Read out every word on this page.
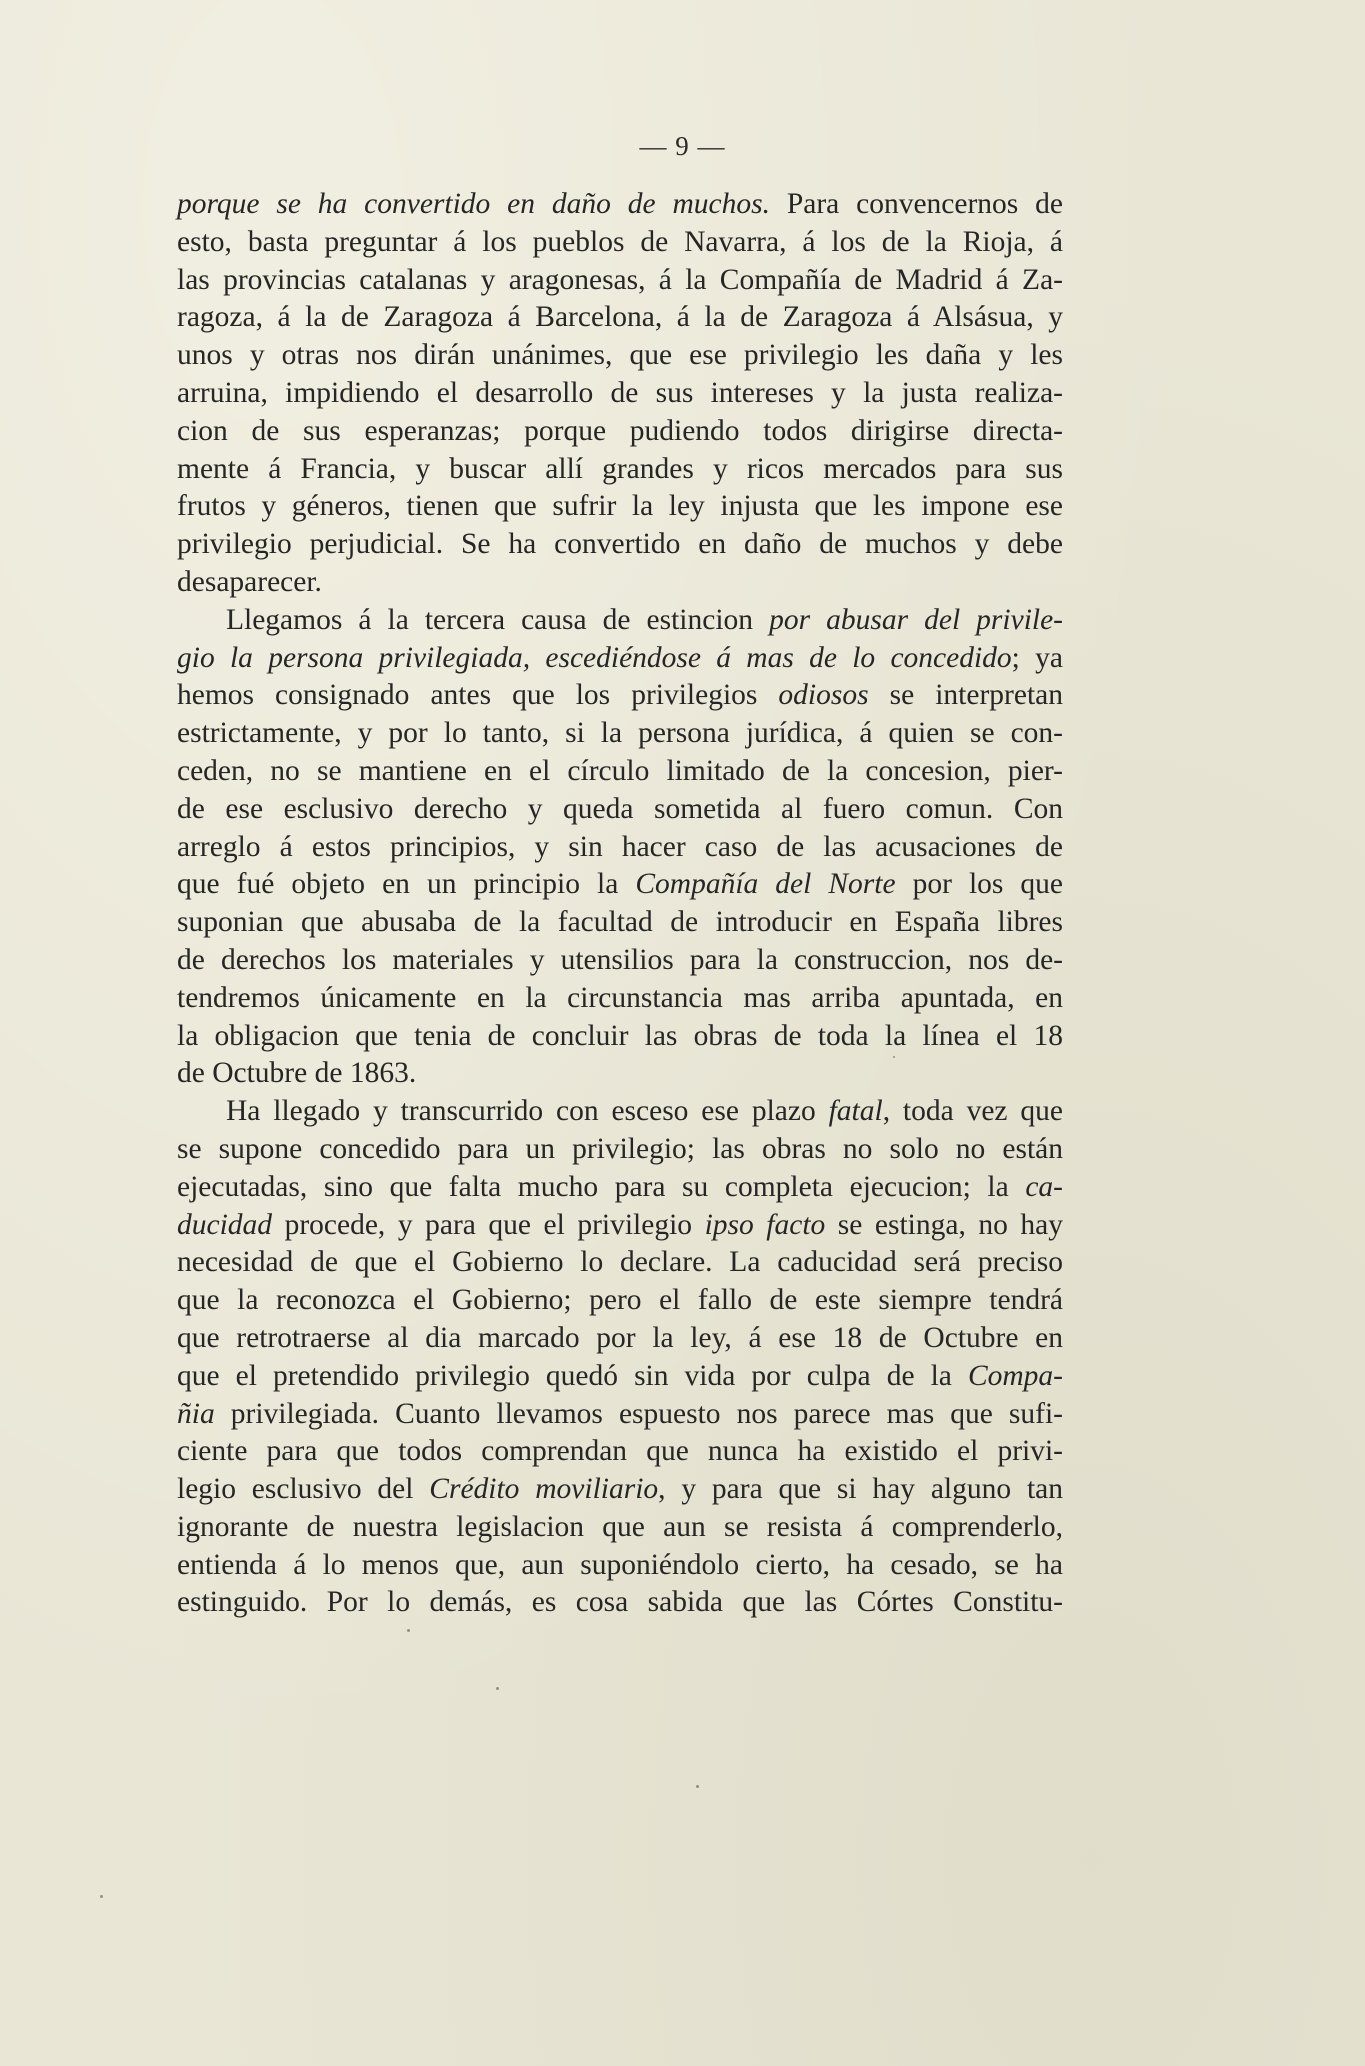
— 9 —
porque se ha convertido en daño de muchos. Para convencernos de
esto, basta preguntar á los pueblos de Navarra, á los de la Rioja, á
las provincias catalanas y aragonesas, á la Compañía de Madrid á Za-
ragoza, á la de Zaragoza á Barcelona, á la de Zaragoza á Alsásua, y
unos y otras nos dirán unánimes, que ese privilegio les daña y les
arruina, impidiendo el desarrollo de sus intereses y la justa realiza-
cion de sus esperanzas; porque pudiendo todos dirigirse directa-
mente á Francia, y buscar allí grandes y ricos mercados para sus
frutos y géneros, tienen que sufrir la ley injusta que les impone ese
privilegio perjudicial. Se ha convertido en daño de muchos y debe
desaparecer.
Llegamos á la tercera causa de estincion por abusar del privile-
gio la persona privilegiada, escediéndose á mas de lo concedido; ya
hemos consignado antes que los privilegios odiosos se interpretan
estrictamente, y por lo tanto, si la persona jurídica, á quien se con-
ceden, no se mantiene en el círculo limitado de la concesion, pier-
de ese esclusivo derecho y queda sometida al fuero comun. Con
arreglo á estos principios, y sin hacer caso de las acusaciones de
que fué objeto en un principio la Compañía del Norte por los que
suponian que abusaba de la facultad de introducir en España libres
de derechos los materiales y utensilios para la construccion, nos de-
tendremos únicamente en la circunstancia mas arriba apuntada, en
la obligacion que tenia de concluir las obras de toda la línea el 18
de Octubre de 1863.
Ha llegado y transcurrido con esceso ese plazo fatal, toda vez que
se supone concedido para un privilegio; las obras no solo no están
ejecutadas, sino que falta mucho para su completa ejecucion; la ca-
ducidad procede, y para que el privilegio ipso facto se estinga, no hay
necesidad de que el Gobierno lo declare. La caducidad será preciso
que la reconozca el Gobierno; pero el fallo de este siempre tendrá
que retrotraerse al dia marcado por la ley, á ese 18 de Octubre en
que el pretendido privilegio quedó sin vida por culpa de la Compa-
ñia privilegiada. Cuanto llevamos espuesto nos parece mas que sufi-
ciente para que todos comprendan que nunca ha existido el privi-
legio esclusivo del Crédito moviliario, y para que si hay alguno tan
ignorante de nuestra legislacion que aun se resista á comprenderlo,
entienda á lo menos que, aun suponiéndolo cierto, ha cesado, se ha
estinguido. Por lo demás, es cosa sabida que las Córtes Constitu-
